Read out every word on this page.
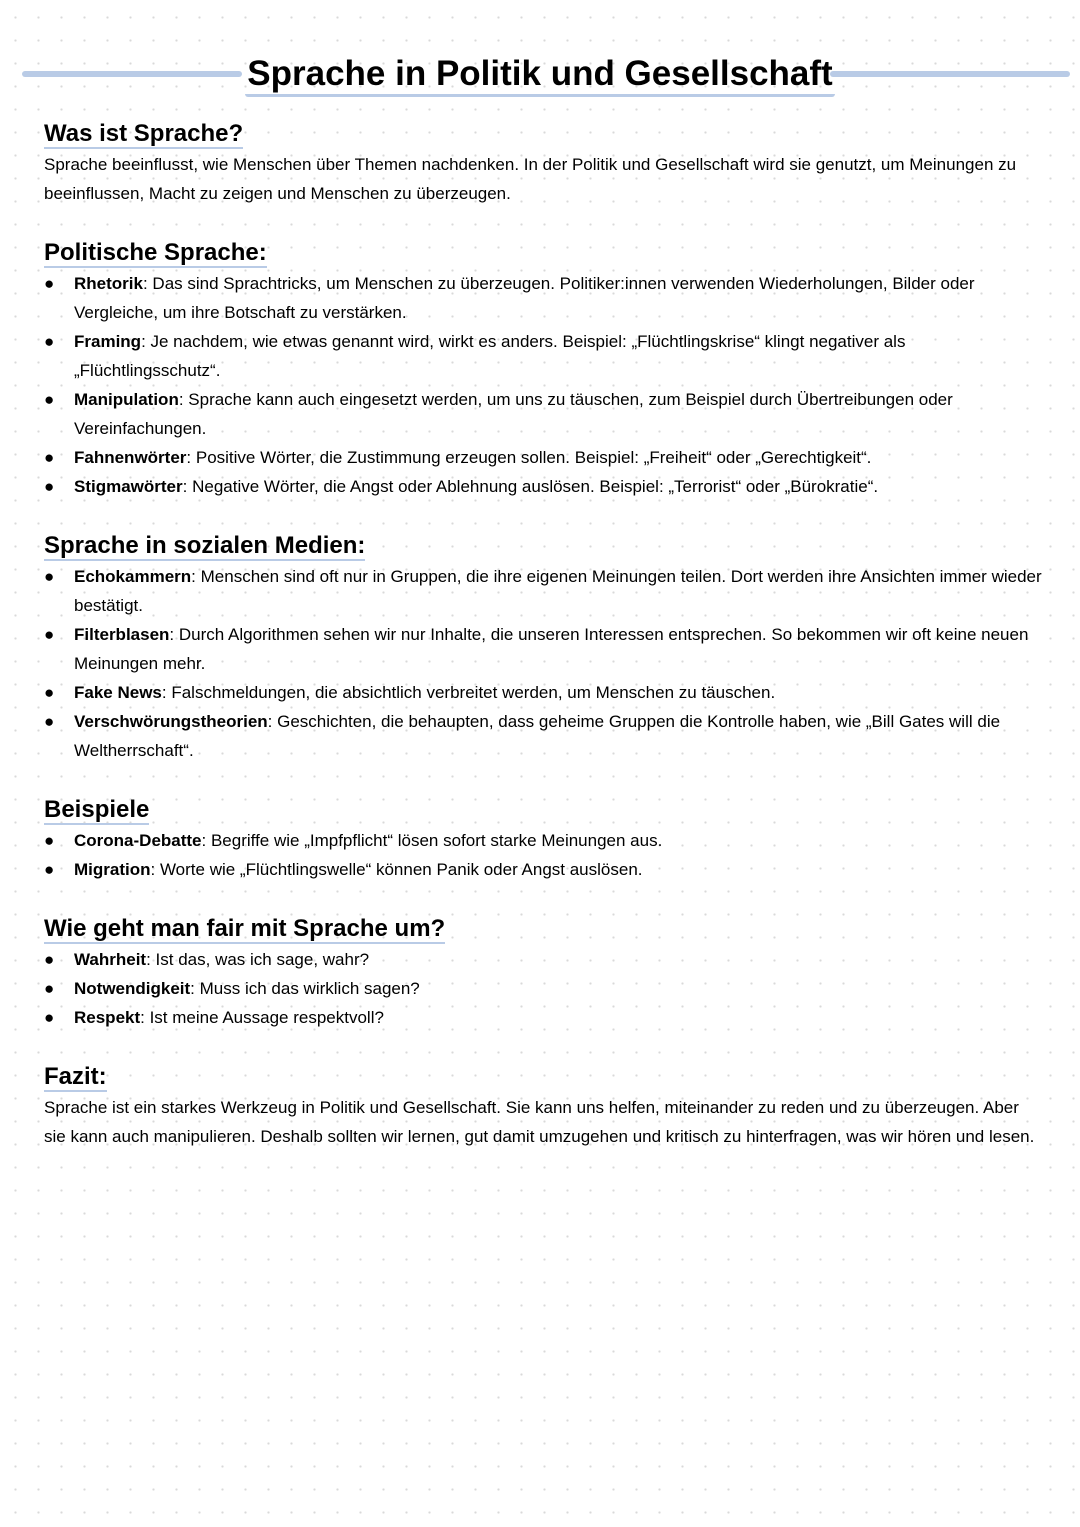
Sprache in Politik und Gesellschaft
Was ist Sprache?

Sprache beeinflusst, wie Menschen über Themen nachdenken. In der Politik und Gesellschaft wird sie genutzt, um Meinungen zu beeinflussen, Macht zu zeigen und Menschen zu überzeugen.

Politische Sprache:
● Rhetorik: Das sind Sprachtricks, um Menschen zu überzeugen. Politiker:innen verwenden Wiederholungen, Bilder oder Vergleiche, um ihre Botschaft zu verstärken.
● Framing: Je nachdem, wie etwas genannt wird, wirkt es anders. Beispiel: „Flüchtlingskrise“ klingt negativer als „Flüchtlingsschutz“.
● Manipulation: Sprache kann auch eingesetzt werden, um uns zu täuschen, zum Beispiel durch Übertreibungen oder Vereinfachungen.
● Fahnenwörter: Positive Wörter, die Zustimmung erzeugen sollen. Beispiel: „Freiheit“ oder „Gerechtigkeit“.
● Stigmawörter: Negative Wörter, die Angst oder Ablehnung auslösen. Beispiel: „Terrorist“ oder „Bürokratie“.
Sprache in sozialen Medien:
● Echokammern: Menschen sind oft nur in Gruppen, die ihre eigenen Meinungen teilen. Dort werden ihre Ansichten immer wieder bestätigt.
● Filterblasen: Durch Algorithmen sehen wir nur Inhalte, die unseren Interessen entsprechen. So bekommen wir oft keine neuen Meinungen mehr.
● Fake News: Falschmeldungen, die absichtlich verbreitet werden, um Menschen zu täuschen.
● Verschwörungstheorien: Geschichten, die behaupten, dass geheime Gruppen die Kontrolle haben, wie „Bill Gates will die Weltherrschaft“.
Beispiele
● Corona-Debatte: Begriffe wie „Impfpflicht“ lösen sofort starke Meinungen aus.
● Migration: Worte wie „Flüchtlingswelle“ können Panik oder Angst auslösen.
Wie geht man fair mit Sprache um?
● Wahrheit: Ist das, was ich sage, wahr?
● Notwendigkeit: Muss ich das wirklich sagen?
● Respekt: Ist meine Aussage respektvoll?
Fazit:

Sprache ist ein starkes Werkzeug in Politik und Gesellschaft. Sie kann uns helfen, miteinander zu reden und zu überzeugen. Aber sie kann auch manipulieren. Deshalb sollten wir lernen, gut damit umzugehen und kritisch zu hinterfragen, was wir hören und lesen.
